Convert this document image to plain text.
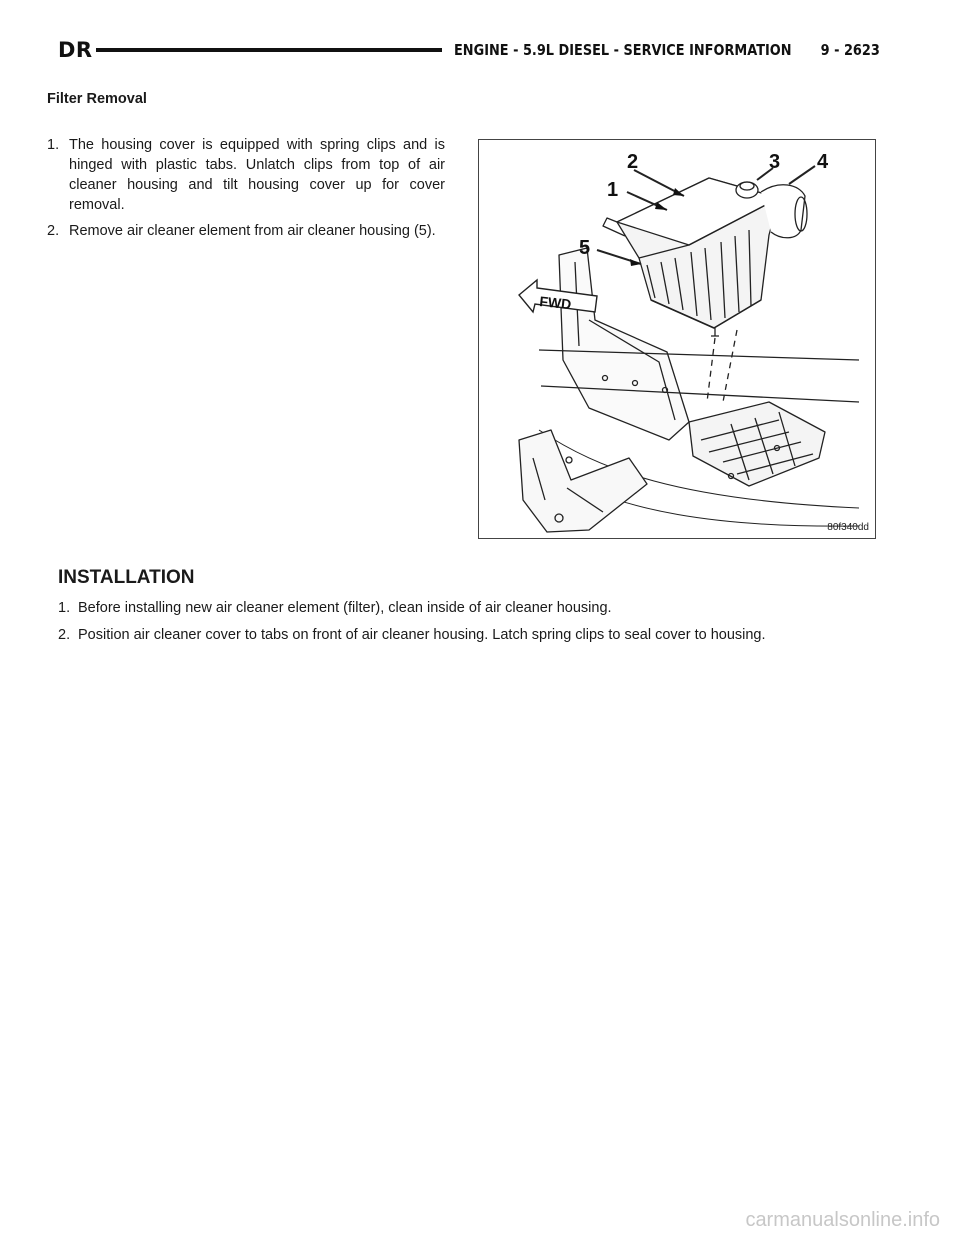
DR	ENGINE - 5.9L DIESEL - SERVICE INFORMATION 9 - 2623
Filter Removal
1. The housing cover is equipped with spring clips and is hinged with plastic tabs. Unlatch clips from top of air cleaner housing and tilt housing cover up for cover removal.
2. Remove air cleaner element from air cleaner housing (5).
FWD
2
1
3 4
5
80f340dd
INSTALLATION
1. Before installing new air cleaner element (filter), clean inside of air cleaner housing.
2. Position air cleaner cover to tabs on front of air cleaner housing. Latch spring clips to seal cover to housing.
carmanualsonline.info
